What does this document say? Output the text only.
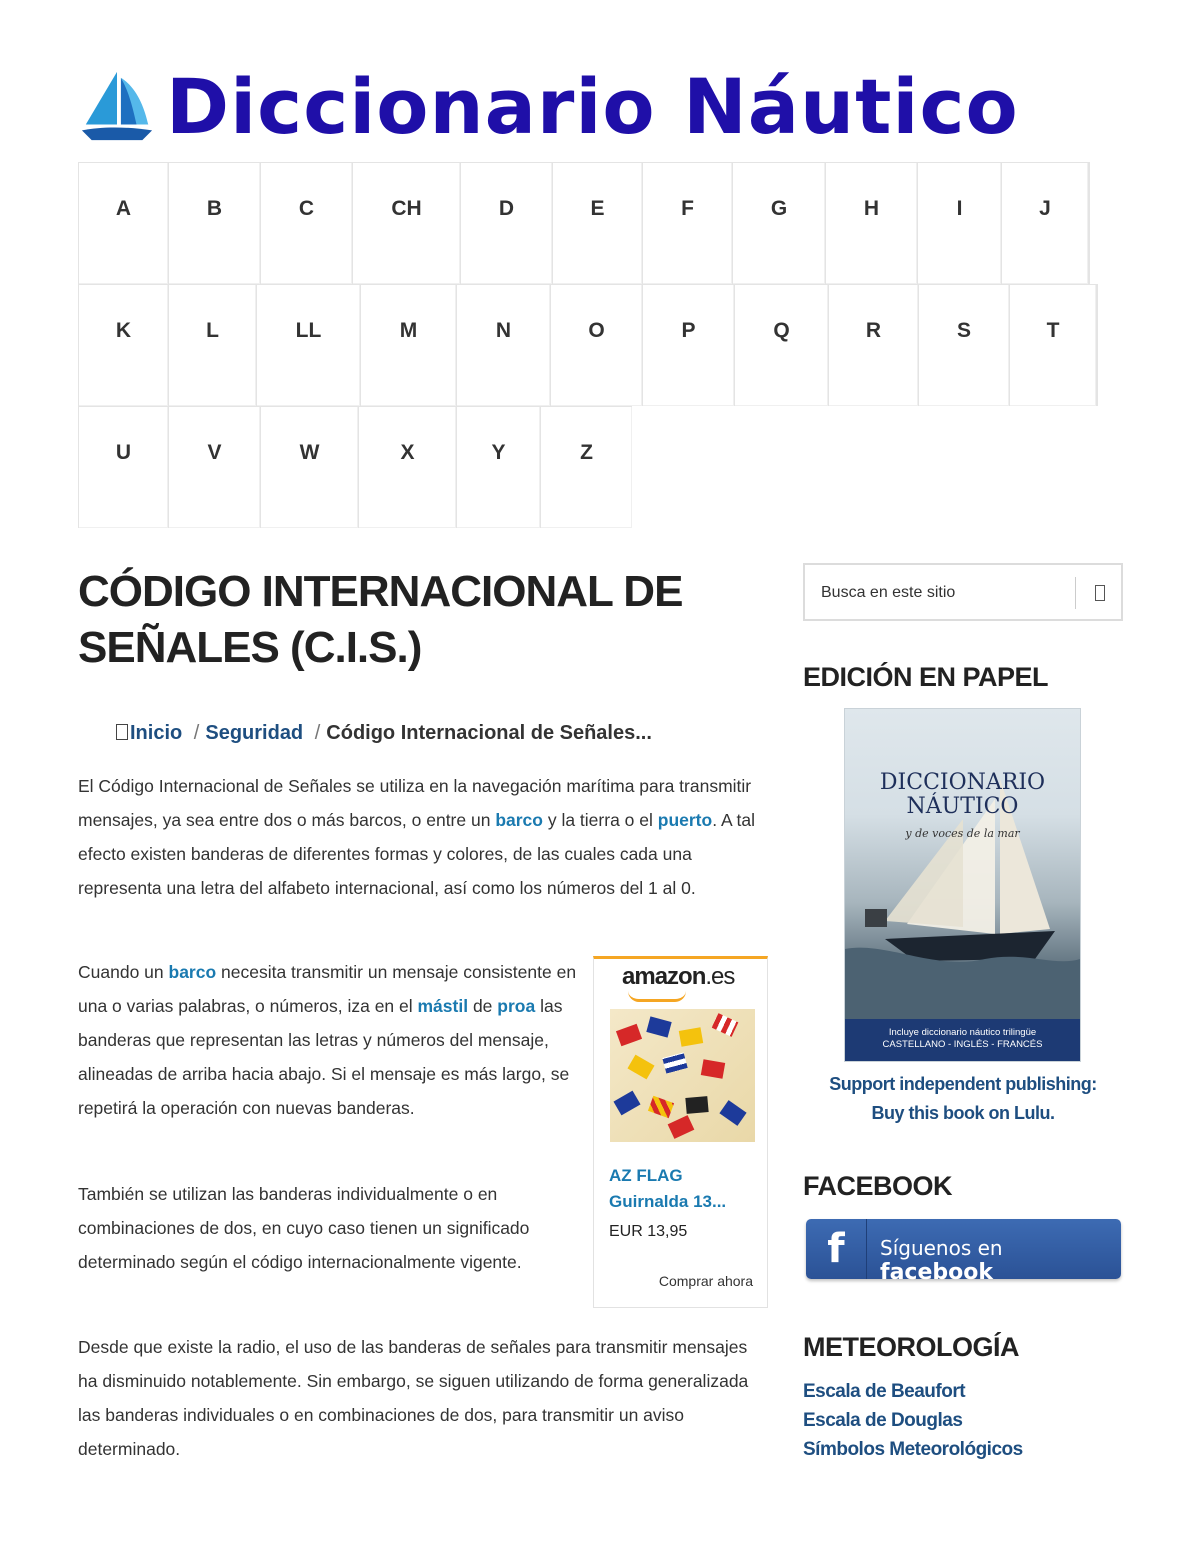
Diccionario Náutico
A	B	C	CH	D	E	F	G	H	I	J
K	L	LL	M	N	O	P	Q	R	S	T
U	V	W	X	Y	Z
CÓDIGO INTERNACIONAL DE SEÑALES (C.I.S.)
Inicio / Seguridad / Código Internacional de Señales...

El Código Internacional de Señales se utiliza en la navegación marítima para transmitir mensajes, ya sea entre dos o más barcos, o entre un barco y la tierra o el puerto. A tal efecto existen banderas de diferentes formas y colores, de las cuales cada una representa una letra del alfabeto internacional, así como los números del 1 al 0.

Cuando un barco necesita transmitir un mensaje consistente en una o varias palabras, o números, iza en el mástil de proa las banderas que representan las letras y números del mensaje, alineadas de arriba hacia abajo. Si el mensaje es más largo, se repetirá la operación con nuevas banderas.

También se utilizan las banderas individualmente o en combinaciones de dos, en cuyo caso tienen un significado determinado según el código internacionalmente vigente.

Desde que existe la radio, el uso de las banderas de señales para transmitir mensajes ha disminuido notablemente. Sin embargo, se siguen utilizando de forma generalizada las banderas individuales o en combinaciones de dos, para transmitir un aviso determinado.

amazon.es
AZ FLAG
Guirnalda 13...
EUR 13,95
Comprar ahora
Busca en este sitio
EDICIÓN EN PAPEL
DICCIONARIO
NÁUTICO
y de voces de la mar
Incluye diccionario náutico trilingüe
CASTELLANO - INGLÉS - FRANCÉS
Support independent publishing:
Buy this book on Lulu.
FACEBOOK
f	Síguenos en facebook
METEOROLOGÍA
Escala de Beaufort
Escala de Douglas
Símbolos Meteorológicos
